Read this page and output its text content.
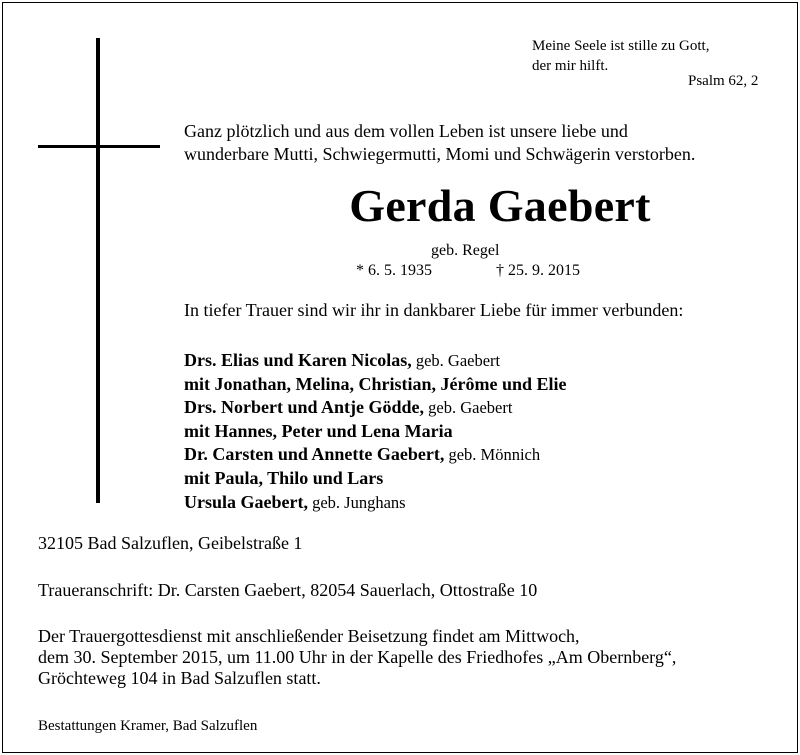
Meine Seele ist stille zu Gott,
der mir hilft.
Psalm 62, 2
Ganz plötzlich und aus dem vollen Leben ist unsere liebe und
wunderbare Mutti, Schwiegermutti, Momi und Schwägerin verstorben.
Gerda Gaebert
geb. Regel
* 6. 5. 1935	† 25. 9. 2015
In tiefer Trauer sind wir ihr in dankbarer Liebe für immer verbunden:
Drs. Elias und Karen Nicolas, geb. Gaebert
mit Jonathan, Melina, Christian, Jérôme und Elie
Drs. Norbert und Antje Gödde, geb. Gaebert
mit Hannes, Peter und Lena Maria
Dr. Carsten und Annette Gaebert, geb. Mönnich
mit Paula, Thilo und Lars
Ursula Gaebert, geb. Junghans
32105 Bad Salzuflen, Geibelstraße 1
Traueranschrift: Dr. Carsten Gaebert, 82054 Sauerlach, Ottostraße 10
Der Trauergottesdienst mit anschließender Beisetzung findet am Mittwoch,
dem 30. September 2015, um 11.00 Uhr in der Kapelle des Friedhofes „Am Obernberg“,
Gröchteweg 104 in Bad Salzuflen statt.
Bestattungen Kramer, Bad Salzuflen
